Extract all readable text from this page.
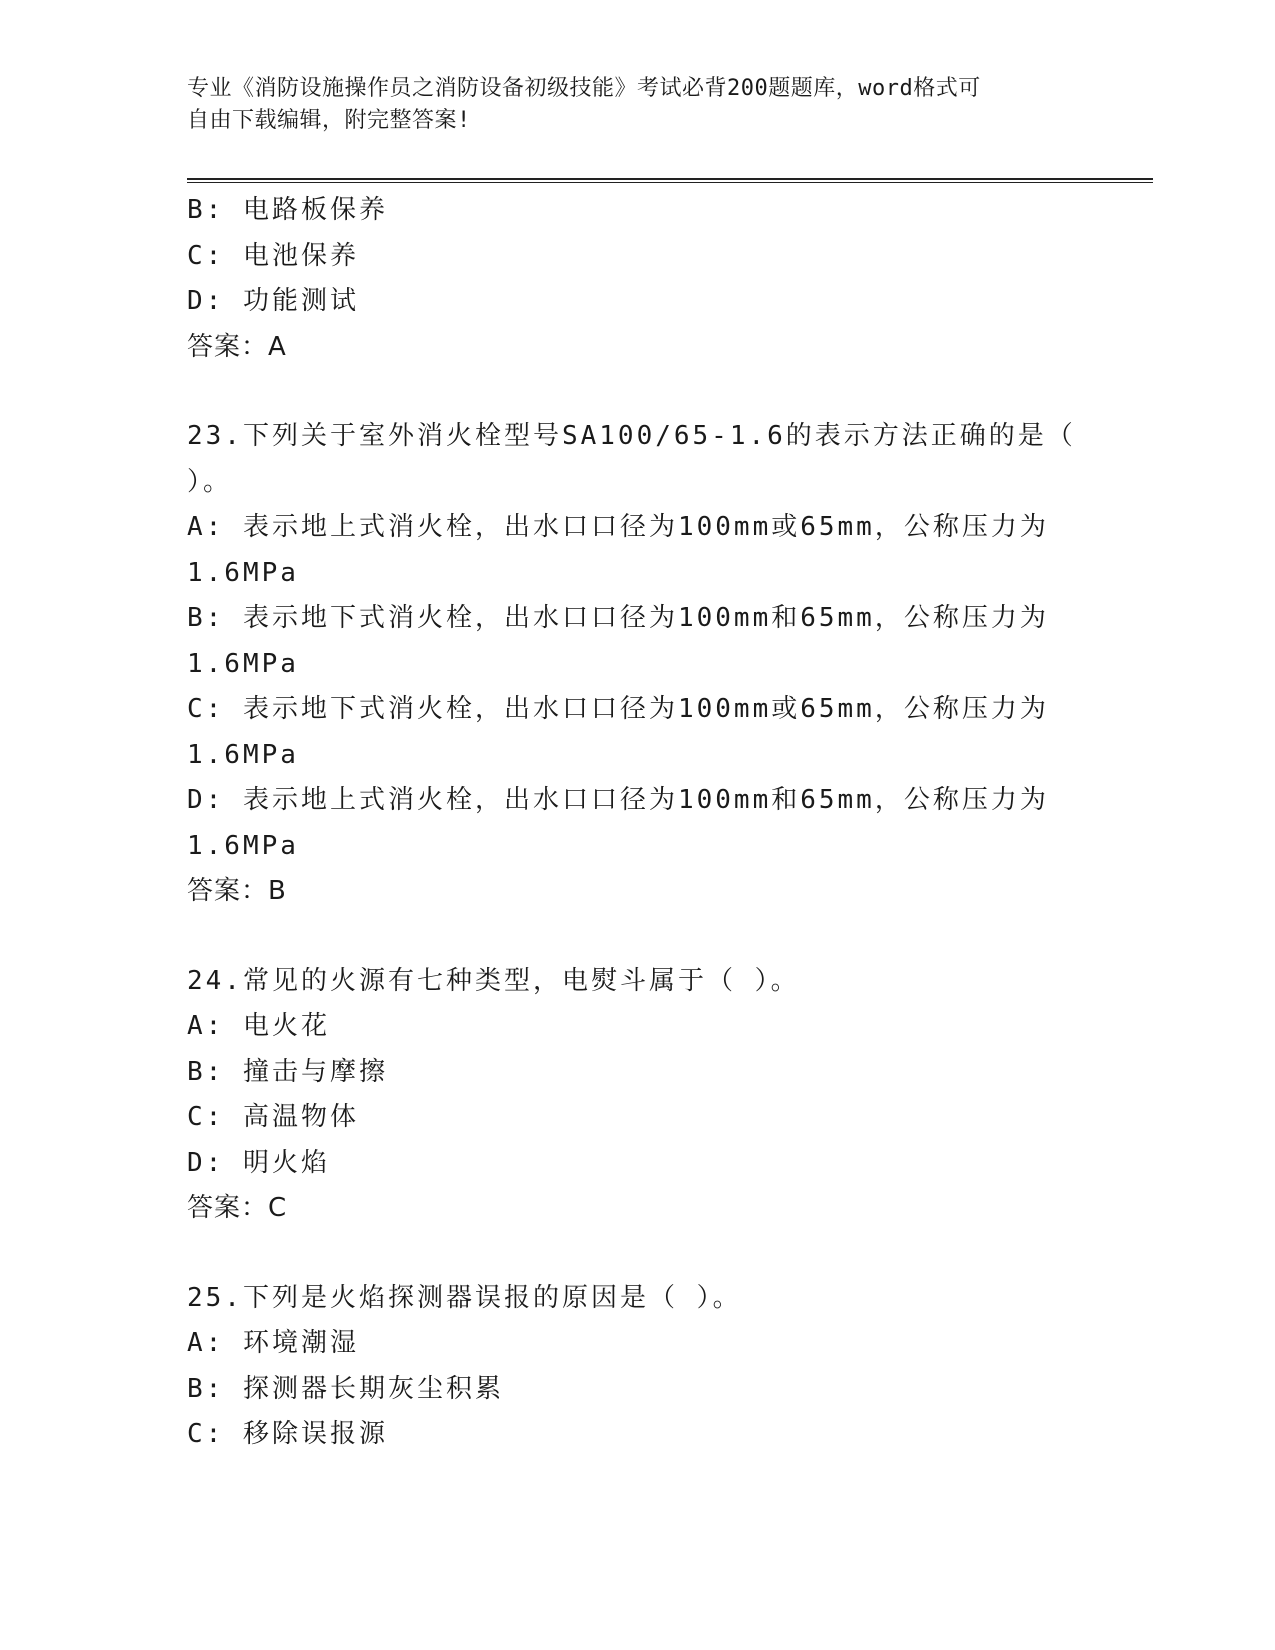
专业《消防设施操作员之消防设备初级技能》考试必背200题题库，word格式可
自由下载编辑，附完整答案!
B: 电路板保养
C: 电池保养
D: 功能测试
答案：A
23.下列关于室外消火栓型号SA100/65-1.6的表示方法正确的是（
）。
A: 表示地上式消火栓，出水口口径为100mm或65mm，公称压力为
1.6MPa
B: 表示地下式消火栓，出水口口径为100mm和65mm，公称压力为
1.6MPa
C: 表示地下式消火栓，出水口口径为100mm或65mm，公称压力为
1.6MPa
D: 表示地上式消火栓，出水口口径为100mm和65mm，公称压力为
1.6MPa
答案：B
24.常见的火源有七种类型，电熨斗属于（ ）。
A: 电火花
B: 撞击与摩擦
C: 高温物体
D: 明火焰
答案：C
25.下列是火焰探测器误报的原因是（ ）。
A: 环境潮湿
B: 探测器长期灰尘积累
C: 移除误报源
